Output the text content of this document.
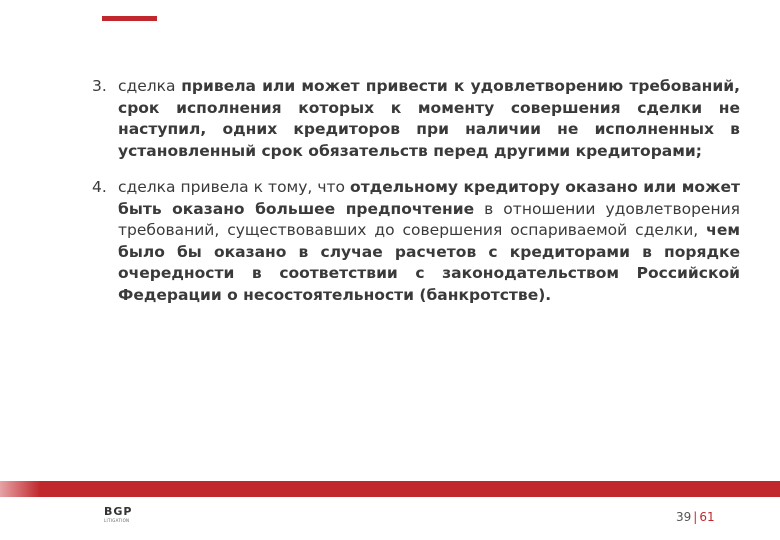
3. сделка привела или может привести к удовлетворению требований, срок исполнения которых к моменту совершения сделки не наступил, одних кредиторов при наличии не исполненных в установленный срок обязательств перед другими кредиторами;
4. сделка привела к тому, что отдельному кредитору оказано или может быть оказано большее предпочтение в отношении удовлетворения требований, существовавших до совершения оспариваемой сделки, чем было бы оказано в случае расчетов с кредиторами в порядке очередности в соответствии с законодательством Российской Федерации о несостоятельности (банкротстве).
BGP
LITIGATION	39 | 61
